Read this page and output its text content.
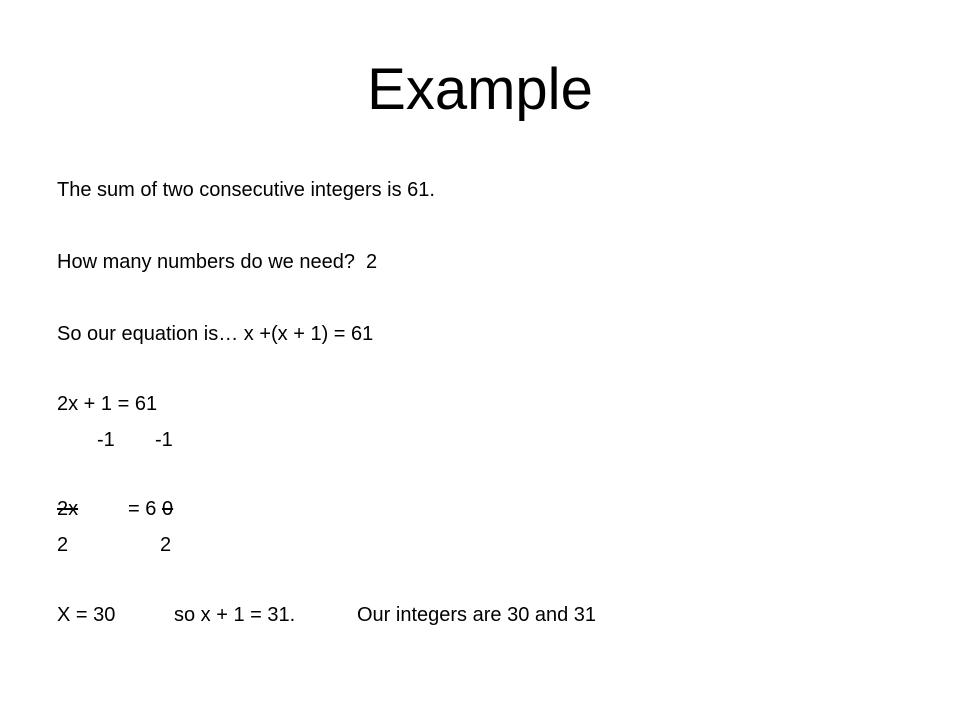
Example
The sum of two consecutive integers is 61.
How many numbers do we need?  2
So our equation is… x +(x + 1) = 61
2x + 1 = 61

-1

-1

2x

= 6

0

2

	2

X = 30

	so x + 1 = 31.

	Our integers are 30 and 31
